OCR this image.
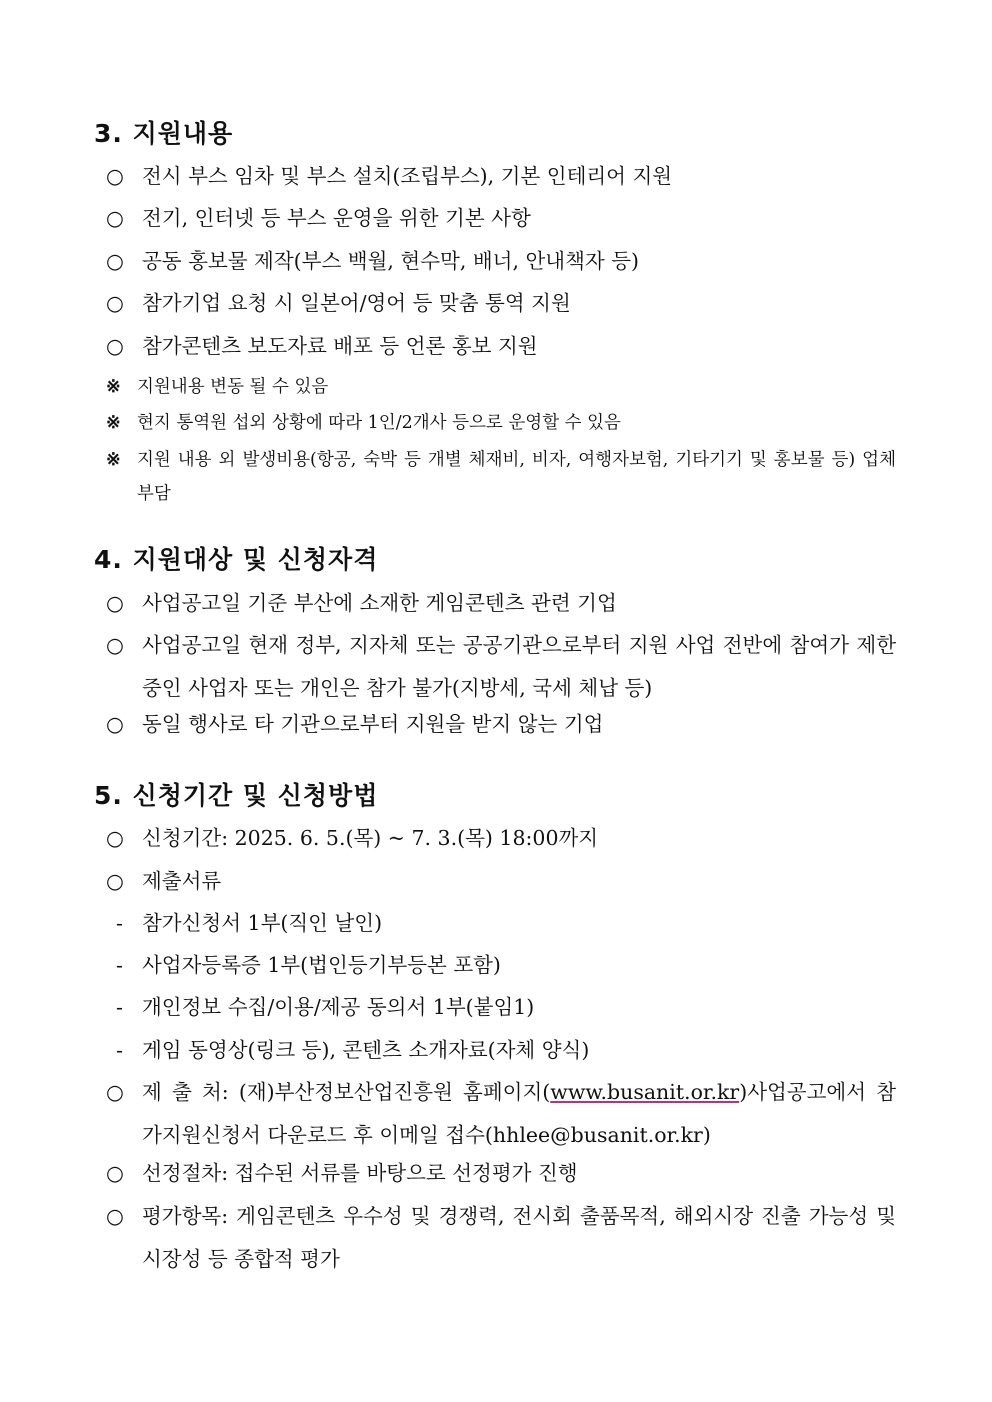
3. 지원내용
○ 전시 부스 임차 및 부스 설치(조립부스), 기본 인테리어 지원
○ 전기, 인터넷 등 부스 운영을 위한 기본 사항
○ 공동 홍보물 제작(부스 백월, 현수막, 배너, 안내책자 등)
○ 참가기업 요청 시 일본어/영어 등 맞춤 통역 지원
○ 참가콘텐츠 보도자료 배포 등 언론 홍보 지원
※ 지원내용 변동 될 수 있음
※ 현지 통역원 섭외 상황에 따라 1인/2개사 등으로 운영할 수 있음
※ 지원 내용 외 발생비용(항공, 숙박 등 개별 체재비, 비자, 여행자보험, 기타기기 및 홍보물 등) 업체 부담
4. 지원대상 및 신청자격
○ 사업공고일 기준 부산에 소재한 게임콘텐츠 관련 기업
○ 사업공고일 현재 정부, 지자체 또는 공공기관으로부터 지원 사업 전반에 참여가 제한 중인 사업자 또는 개인은 참가 불가(지방세, 국세 체납 등)
○ 동일 행사로 타 기관으로부터 지원을 받지 않는 기업
5. 신청기간 및 신청방법
○ 신청기간: 2025. 6. 5.(목) ~ 7. 3.(목) 18:00까지
○ 제출서류
- 참가신청서 1부(직인 날인)
- 사업자등록증 1부(법인등기부등본 포함)
- 개인정보 수집/이용/제공 동의서 1부(붙임1)
- 게임 동영상(링크 등), 콘텐츠 소개자료(자체 양식)
○ 제 출 처: (재)부산정보산업진흥원 홈페이지(www.busanit.or.kr)사업공고에서 참가지원신청서 다운로드 후 이메일 접수(hhlee@busanit.or.kr)
○ 선정절차: 접수된 서류를 바탕으로 선정평가 진행
○ 평가항목: 게임콘텐츠 우수성 및 경쟁력, 전시회 출품목적, 해외시장 진출 가능성 및 시장성 등 종합적 평가
